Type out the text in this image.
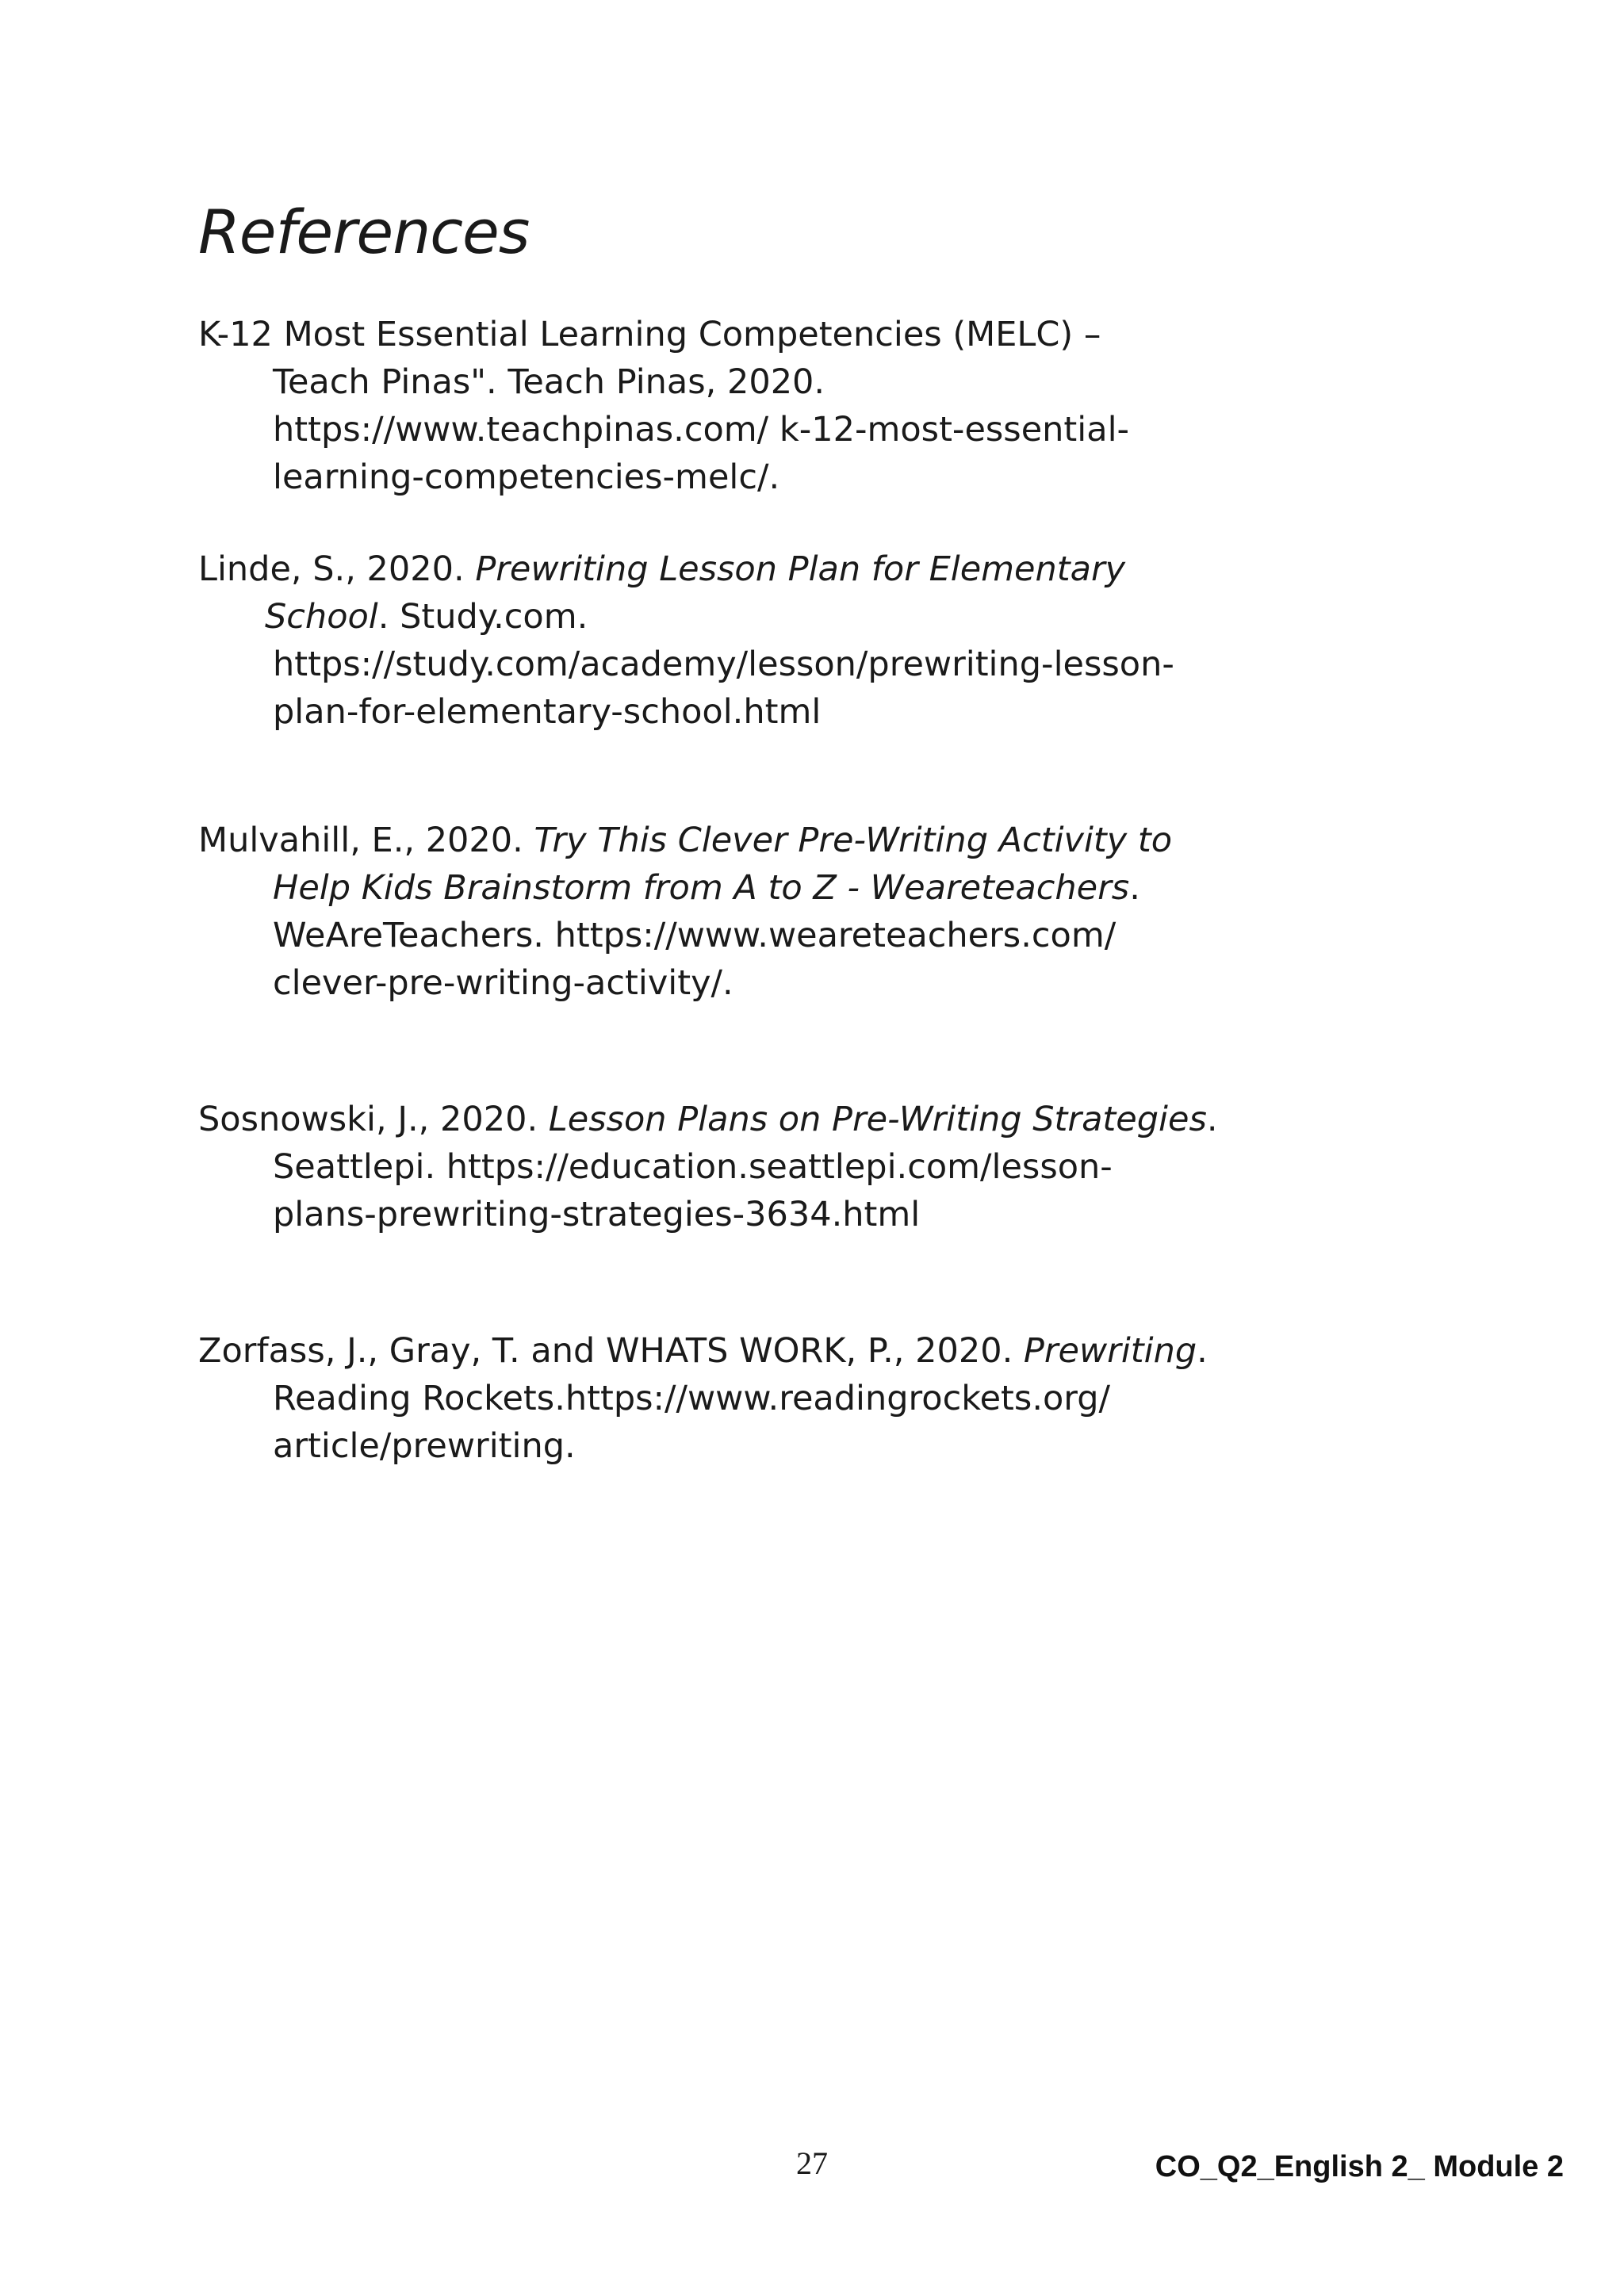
References
K-12 Most Essential Learning Competencies (MELC) –
Teach Pinas". Teach Pinas, 2020.
https://www.teachpinas.com/ k-12-most-essential-
learning-competencies-melc/.
Linde, S., 2020. Prewriting Lesson Plan for Elementary
School. Study.com.
https://study.com/academy/lesson/prewriting-lesson-
plan-for-elementary-school.html
Mulvahill, E., 2020. Try This Clever Pre-Writing Activity to
Help Kids Brainstorm from A to Z - Weareteachers.
WeAreTeachers. https://www.weareteachers.com/
clever-pre-writing-activity/.
Sosnowski, J., 2020. Lesson Plans on Pre-Writing Strategies.
Seattlepi. https://education.seattlepi.com/lesson-
plans-prewriting-strategies-3634.html
Zorfass, J., Gray, T. and WHATS WORK, P., 2020. Prewriting.
Reading Rockets.https://www.readingrockets.org/
article/prewriting.
27	CO_Q2_English 2_ Module 2
